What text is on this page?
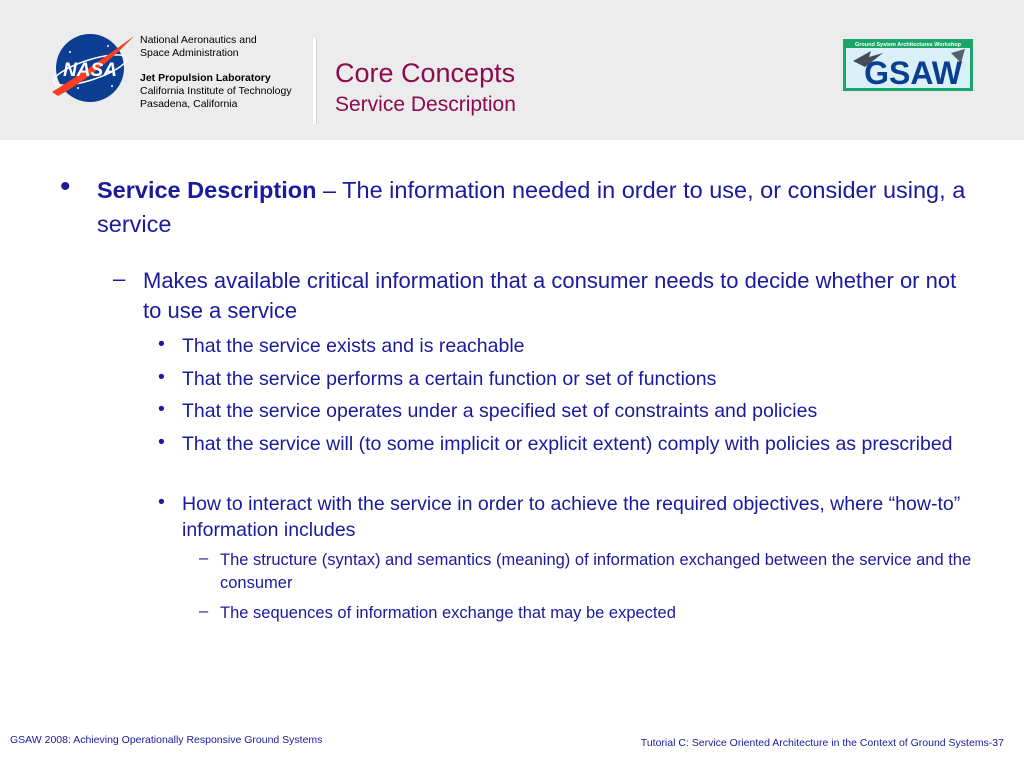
NASA
National Aeronautics and
Space Administration
Jet Propulsion Laboratory
California Institute of Technology
Pasadena, California
Core Concepts
Service Description
Ground System Architectures Workshop
GSAW
• Service Description – The information needed in order to use, or consider using, a service
– Makes available critical information that a consumer needs to decide whether or not to use a service
• That the service exists and is reachable
• That the service performs a certain function or set of functions
• That the service operates under a specified set of constraints and policies
• That the service will (to some implicit or explicit extent) comply with policies as prescribed
• How to interact with the service in order to achieve the required objectives, where “how-to” information includes
– The structure (syntax) and semantics (meaning) of information exchanged between the service and the consumer
– The sequences of information exchange that may be expected
GSAW 2008: Achieving Operationally Responsive Ground Systems	Tutorial C: Service Oriented Architecture in the Context of Ground Systems-37
